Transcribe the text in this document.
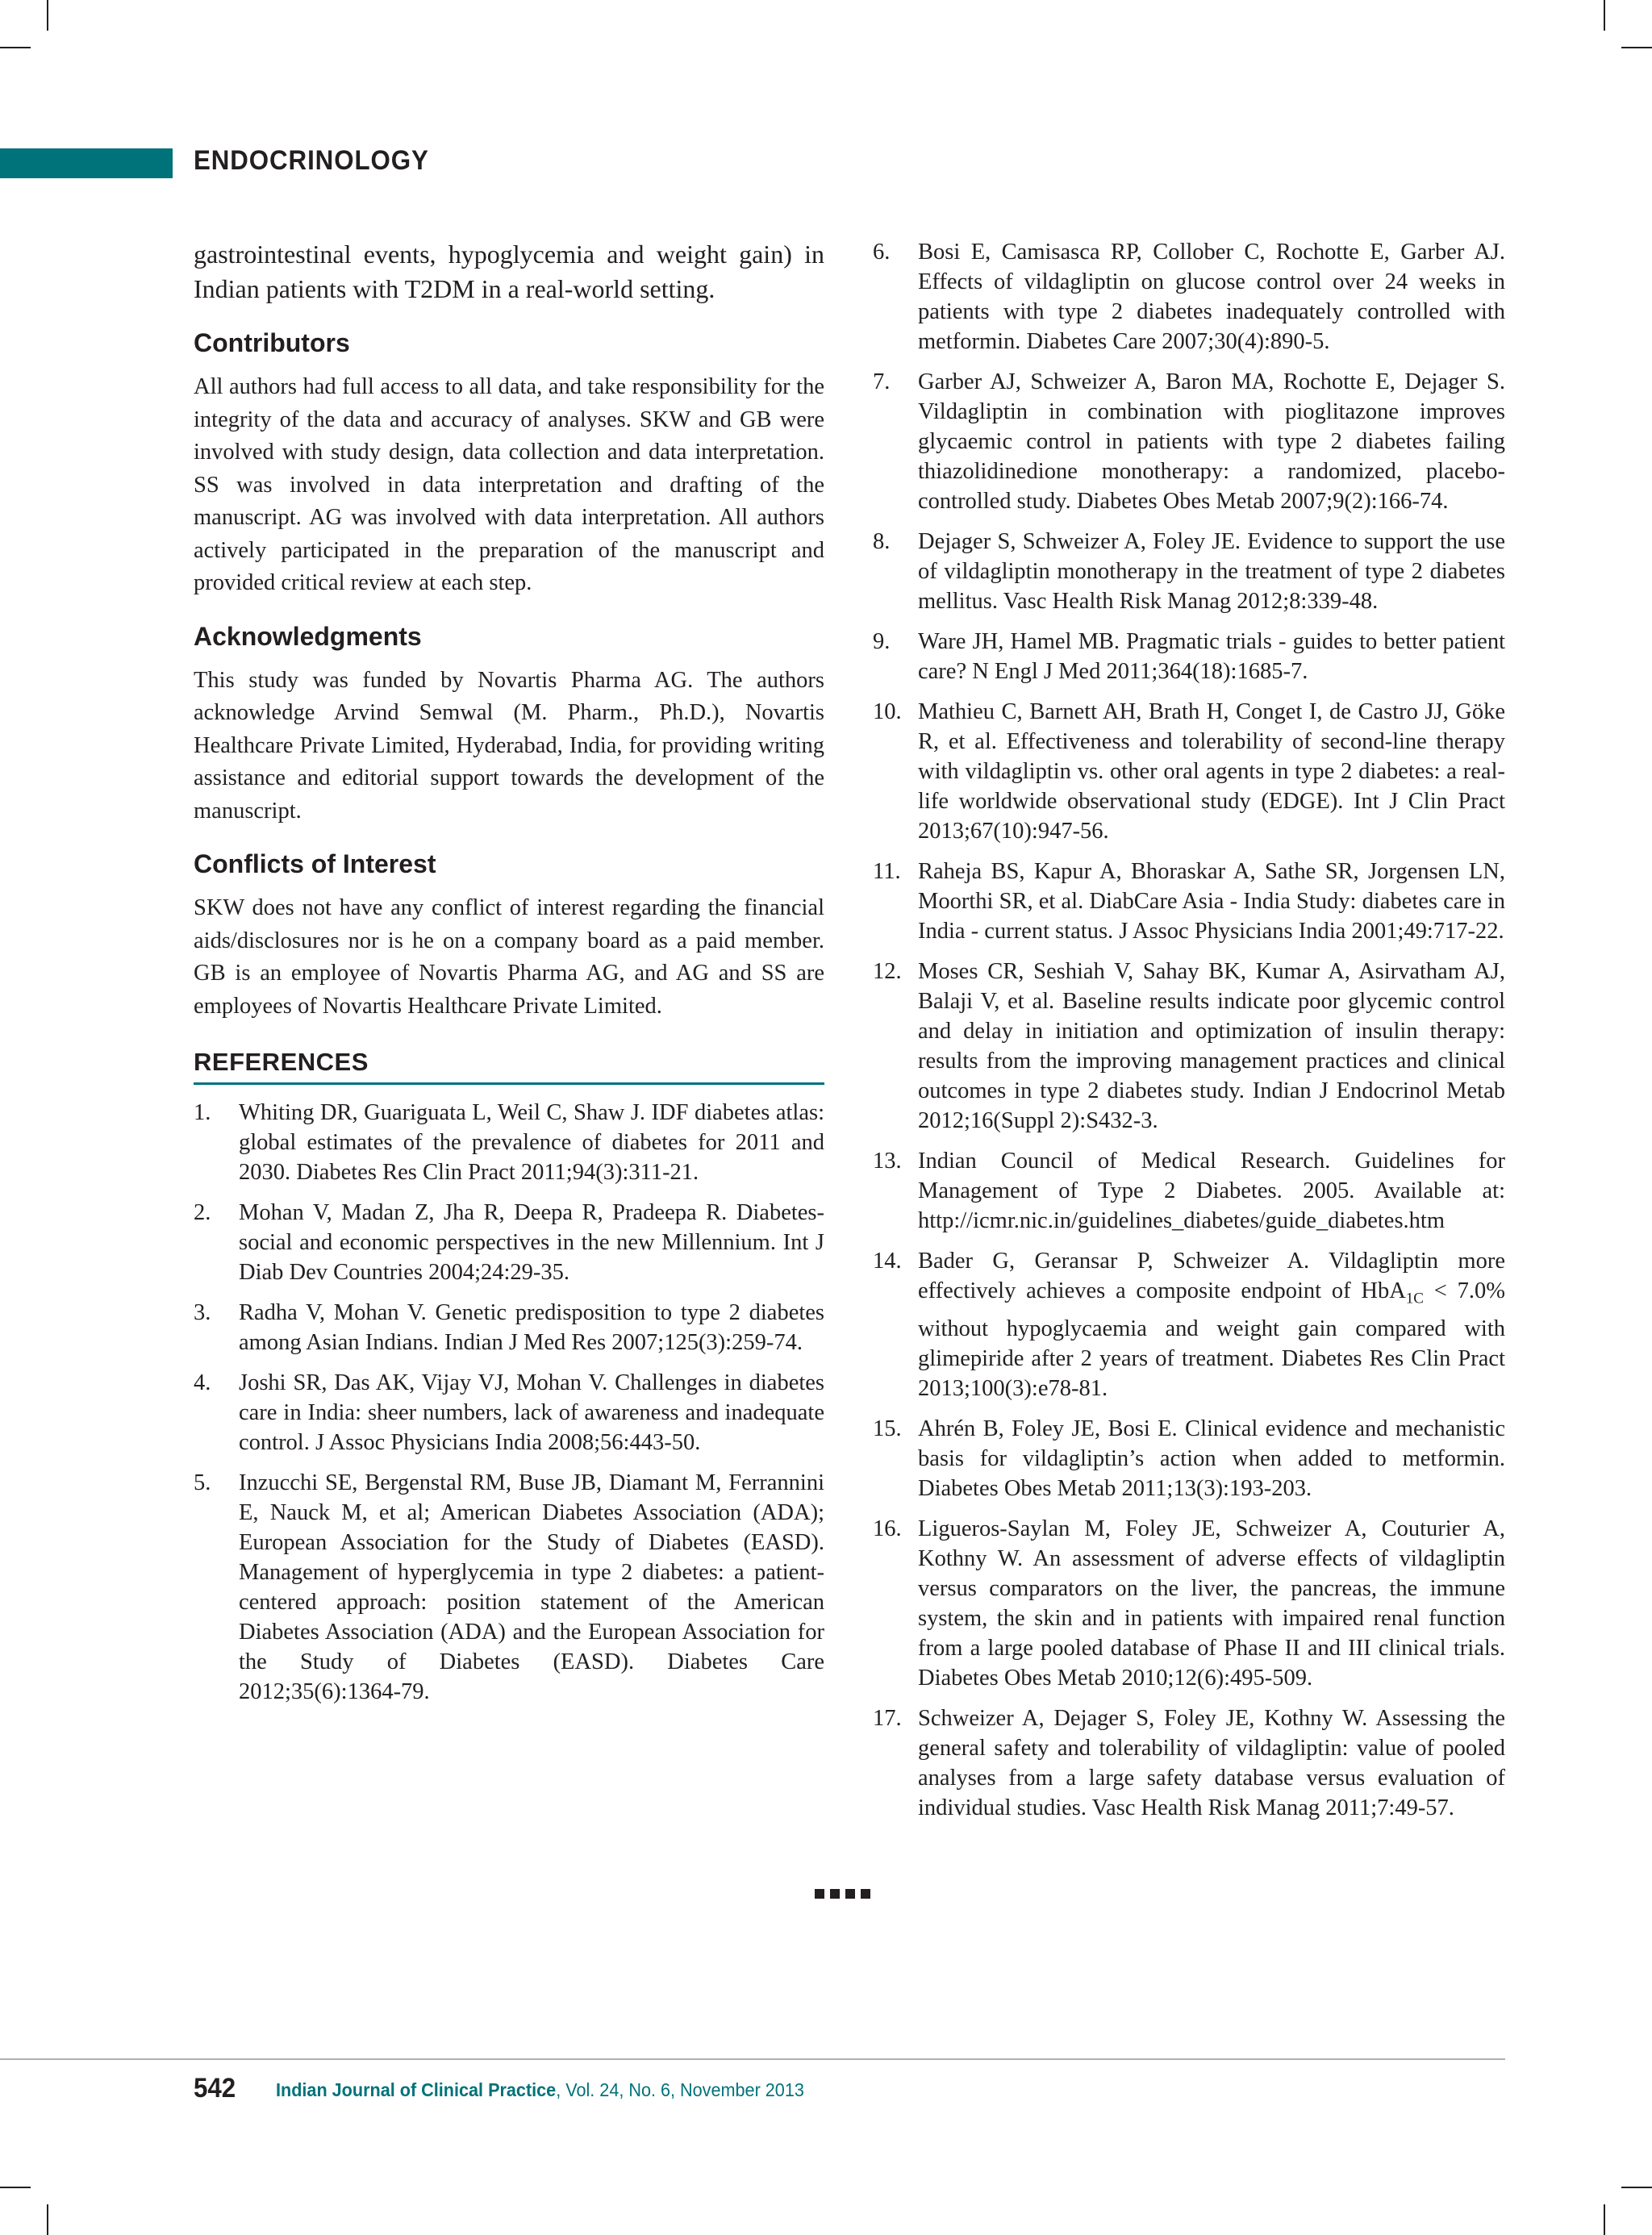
ENDOCRINOLOGY

gastrointestinal events, hypoglycemia and weight gain) in Indian patients with T2DM in a real-world setting.

Contributors

All authors had full access to all data, and take responsibility for the integrity of the data and accuracy of analyses. SKW and GB were involved with study design, data collection and data interpretation. SS was involved in data interpretation and drafting of the manuscript. AG was involved with data interpretation. All authors actively participated in the preparation of the manuscript and provided critical review at each step.

Acknowledgments

This study was funded by Novartis Pharma AG. The authors acknowledge Arvind Semwal (M. Pharm., Ph.D.), Novartis Healthcare Private Limited, Hyderabad, India, for providing writing assistance and editorial support towards the development of the manuscript.

Conflicts of Interest

SKW does not have any conflict of interest regarding the financial aids/disclosures nor is he on a company board as a paid member. GB is an employee of Novartis Pharma AG, and AG and SS are employees of Novartis Healthcare Private Limited.

REFERENCES
1. Whiting DR, Guariguata L, Weil C, Shaw J. IDF diabetes atlas: global estimates of the prevalence of diabetes for 2011 and 2030. Diabetes Res Clin Pract 2011;94(3):311-21.
2. Mohan V, Madan Z, Jha R, Deepa R, Pradeepa R. Diabetes-social and economic perspectives in the new Millennium. Int J Diab Dev Countries 2004;24:29-35.
3. Radha V, Mohan V. Genetic predisposition to type 2 diabetes among Asian Indians. Indian J Med Res 2007;125(3):259-74.
4. Joshi SR, Das AK, Vijay VJ, Mohan V. Challenges in diabetes care in India: sheer numbers, lack of awareness and inadequate control. J Assoc Physicians India 2008;56:443-50.
5. Inzucchi SE, Bergenstal RM, Buse JB, Diamant M, Ferrannini E, Nauck M, et al; American Diabetes Association (ADA); European Association for the Study of Diabetes (EASD). Management of hyperglycemia in type 2 diabetes: a patient-centered approach: position statement of the American Diabetes Association (ADA) and the European Association for the Study of Diabetes (EASD). Diabetes Care 2012;35(6):1364-79.
6. Bosi E, Camisasca RP, Collober C, Rochotte E, Garber AJ. Effects of vildagliptin on glucose control over 24 weeks in patients with type 2 diabetes inadequately controlled with metformin. Diabetes Care 2007;30(4):890-5.
7. Garber AJ, Schweizer A, Baron MA, Rochotte E, Dejager S. Vildagliptin in combination with pioglitazone improves glycaemic control in patients with type 2 diabetes failing thiazolidinedione monotherapy: a randomized, placebo-controlled study. Diabetes Obes Metab 2007;9(2):166-74.
8. Dejager S, Schweizer A, Foley JE. Evidence to support the use of vildagliptin monotherapy in the treatment of type 2 diabetes mellitus. Vasc Health Risk Manag 2012;8:339-48.
9. Ware JH, Hamel MB. Pragmatic trials - guides to better patient care? N Engl J Med 2011;364(18):1685-7.
10. Mathieu C, Barnett AH, Brath H, Conget I, de Castro JJ, Göke R, et al. Effectiveness and tolerability of second-line therapy with vildagliptin vs. other oral agents in type 2 diabetes: a real-life worldwide observational study (EDGE). Int J Clin Pract 2013;67(10):947-56.
11. Raheja BS, Kapur A, Bhoraskar A, Sathe SR, Jorgensen LN, Moorthi SR, et al. DiabCare Asia - India Study: diabetes care in India - current status. J Assoc Physicians India 2001;49:717-22.
12. Moses CR, Seshiah V, Sahay BK, Kumar A, Asirvatham AJ, Balaji V, et al. Baseline results indicate poor glycemic control and delay in initiation and optimization of insulin therapy: results from the improving management practices and clinical outcomes in type 2 diabetes study. Indian J Endocrinol Metab 2012;16(Suppl 2):S432-3.
13. Indian Council of Medical Research. Guidelines for Management of Type 2 Diabetes. 2005. Available at: http://icmr.nic.in/guidelines_diabetes/guide_diabetes.htm
14. Bader G, Geransar P, Schweizer A. Vildagliptin more effectively achieves a composite endpoint of HbA$_{1C}$ < 7.0% without hypoglycaemia and weight gain compared with glimepiride after 2 years of treatment. Diabetes Res Clin Pract 2013;100(3):e78-81.
15. Ahrén B, Foley JE, Bosi E. Clinical evidence and mechanistic basis for vildagliptin’s action when added to metformin. Diabetes Obes Metab 2011;13(3):193-203.
16. Ligueros-Saylan M, Foley JE, Schweizer A, Couturier A, Kothny W. An assessment of adverse effects of vildagliptin versus comparators on the liver, the pancreas, the immune system, the skin and in patients with impaired renal function from a large pooled database of Phase II and III clinical trials. Diabetes Obes Metab 2010;12(6):495-509.
17. Schweizer A, Dejager S, Foley JE, Kothny W. Assessing the general safety and tolerability of vildagliptin: value of pooled analyses from a large safety database versus evaluation of individual studies. Vasc Health Risk Manag 2011;7:49-57.
542 Indian Journal of Clinical Practice, Vol. 24, No. 6, November 2013
